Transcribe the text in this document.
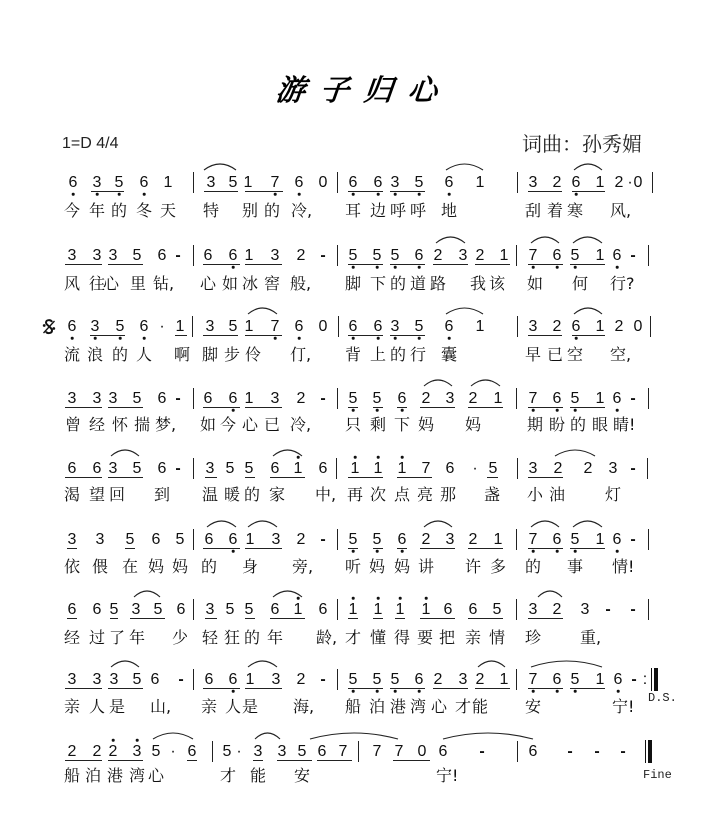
游子归心
1=D 4/4	词曲：孙秀媚
6 3 5 6 1 3 5 1 7 6 0 6 6 3 5 6 1	3 2 6 1 2 · 0
今 年 的 冬 天 特 别 的 冷, 耳 边 呼 呼 地	刮 着 寒 风,
3 3 3 5 6 - 6 6 1 3 2 - 5 5 5 6 2 3 2 1 7 6 5 1 6 -
风 往
心 里 钻, 心 如 冰 窖 般, 脚 下 的 道 路 我 该 如 何 行?
6 3 5 6 · 1 3 5 1 7 6 0 6 6 3 5 6 1	3 2 6 1 2 0
流 浪 的 人 啊 脚 步 伶 仃, 背 上 的 行 囊	早 已 空 空,
3 3 3 5 6 - 6 6 1 3 2 - 5 5 6 2 3 2 1 7 6 5 1 6 -
曾 经 怀 揣 梦, 如 今 心 已 冷, 只 剩 下 妈 妈	期 盼 的 眼 睛!
6 6 3 5 6 - 3 5 5 6 1 6 1 1 1 7 6 · 5 3 2 2 3 -
渴 望 回 到 温 暖 的 家 中, 再 次 点 亮 那 盏 小 油 灯
3 3 5 6 5 6 6 1 3 2 - 5 5 6 2 3 2 1 7 6 5 1 6 -
依 偎 在 妈 妈 的 身 旁, 听 妈 妈 讲 许 多 的 事 情!
6 6 5 3 5 6 3 5 5 6 1 6 1 1 1 1 6 6 5 3 2 3 - -
经 过 了 年 少 轻 狂 的 年 龄, 才 懂 得 要 把 亲 情 珍 重,
3 3 3 5 6 - 6 6 1 3 2 - 5 5 5 6 2 3 2 1 7 6 5 1 6 - :
亲 人 是 山, 亲 人 是 海, 船 泊 港 湾 心 才 能 安	宁!
2 2 2 3 5 · 6 5 · 3 3 5 6 7 7 7 0 6 -	6 - - -
船 泊 港 湾 心	才 能 安	宁!
D.S.
Fine
